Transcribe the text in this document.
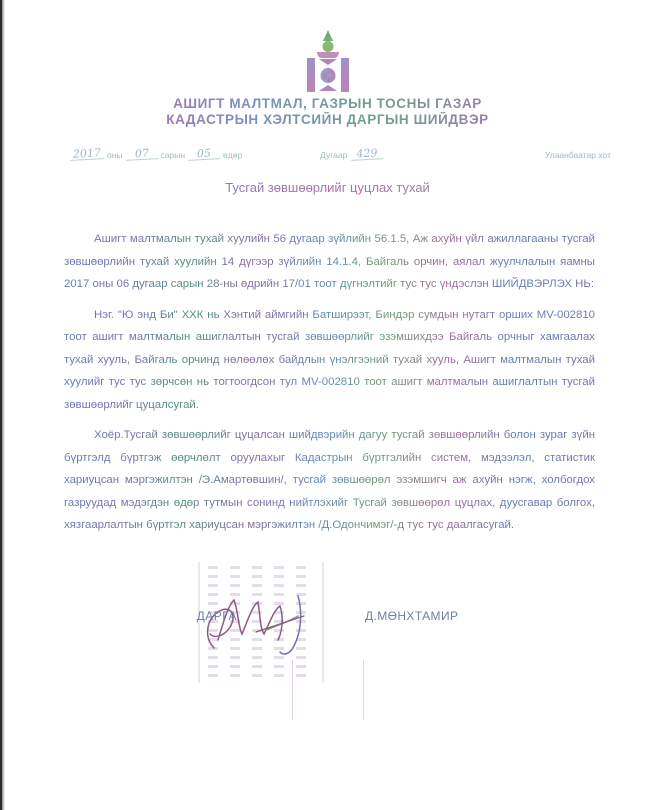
АШИГТ МАЛТМАЛ, ГАЗРЫН ТОСНЫ ГАЗАР
КАДАСТРЫН ХЭЛТСИЙН ДАРГЫН ШИЙДВЭР
2017 оны	07	сарын	05	өдөр	Дугаар 429	Улаанбаатар хот
Тусгай зөвшөөрлийг цуцлах тухай

Ашигт малтмалын тухай хуулийн 56 дугаар зүйлийн 56.1.5, Аж ахуйн үйл ажиллагааны тусгай зөвшөөрлийн тухай хуулийн 14 дүгээр зүйлийн 14.1.4, Байгаль орчин, аялал жуулчлалын яамны 2017 оны 06 дугаар сарын 28-ны өдрийн 17/01 тоот дүгнэлтийг тус тус үндэслэн ШИЙДВЭРЛЭХ НЬ:

Нэг. "Ю энд Би" ХХК нь Хэнтий аймгийн Батширээт, Биндэр сумдын нутагт орших MV-002810 тоот ашигт малтмалын ашиглалтын тусгай зөвшөөрлийг эзэмшихдээ Байгаль орчныг хамгаалах тухай хууль, Байгаль орчинд нөлөөлөх байдлын үнэлгээний тухай хууль, Ашигт малтмалын тухай хуулийг тус тус зөрчсөн нь тогтоогдсон тул MV-002810 тоот ашигт малтмалын ашиглалтын тусгай зөвшөөрлийг цуцалсугай.

Хоёр.Тусгай зөвшөөрлийг цуцалсан шийдвэрийн дагуу тусгай зөвшөөрлийн болон зураг зүйн бүртгэлд бүртгэж өөрчлөлт оруулахыг Кадастрын бүртгэлийн систем, мэдээлэл, статистик хариуцсан мэргэжилтэн /Э.Амартөвшин/, тусгай зөвшөөрөл эзэмшигч аж ахуйн нэгж, холбогдох газруудад мэдэгдэн өдөр тутмын сонинд нийтлэхийг Тусгай зөвшөөрөл цуцлах, дуусгавар болгох, хязгаарлалтын бүртгэл хариуцсан мэргэжилтэн /Д.Одончимэг/-д тус тус даалгасугай.

ДАРГА	Д.МӨНХТАМИР
